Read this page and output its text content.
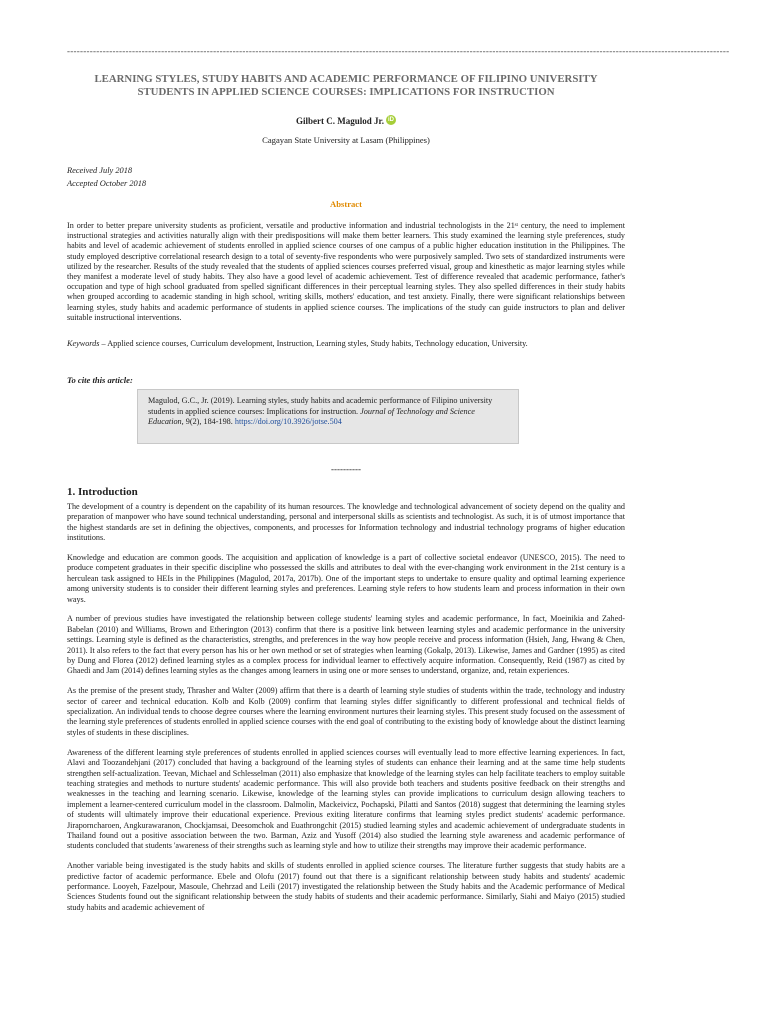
------------------------------------------------------------------------------------------------------------------------------------------------------------------------------------------------------------
LEARNING STYLES, STUDY HABITS AND ACADEMIC PERFORMANCE OF FILIPINO UNIVERSITY STUDENTS IN APPLIED SCIENCE COURSES: IMPLICATIONS FOR INSTRUCTION
Gilbert C. Magulod Jr. iD
Cagayan State University at Lasam (Philippines)
Received July 2018
Accepted October 2018
Abstract
In order to better prepare university students as proficient, versatile and productive information and industrial technologists in the 21ˢᵗ century, the need to implement instructional strategies and activities naturally align with their predispositions will make them better learners. This study examined the learning style preferences, study habits and level of academic achievement of students enrolled in applied science courses of one campus of a public higher education institution in the Philippines. The study employed descriptive correlational research design to a total of seventy-five respondents who were purposively sampled. Two sets of standardized instruments were utilized by the researcher. Results of the study revealed that the students of applied sciences courses preferred visual, group and kinesthetic as major learning styles while they manifest a moderate level of study habits. They also have a good level of academic achievement. Test of difference revealed that academic performance, father's occupation and type of high school graduated from spelled significant differences in their perceptual learning styles. They also spelled differences in their study habits when grouped according to academic standing in high school, writing skills, mothers' education, and test anxiety. Finally, there were significant relationships between learning styles, study habits and academic performance of students in applied science courses. The implications of the study can guide instructors to plan and deliver suitable instructional interventions.
Keywords – Applied science courses, Curriculum development, Instruction, Learning styles, Study habits, Technology education, University.
To cite this article:
Magulod, G.C., Jr. (2019). Learning styles, study habits and academic performance of Filipino university students in applied science courses: Implications for instruction. Journal of Technology and Science Education, 9(2), 184-198. https://doi.org/10.3926/jotse.504
----------
1. Introduction

The development of a country is dependent on the capability of its human resources. The knowledge and technological advancement of society depend on the quality and preparation of manpower who have sound technical understanding, personal and interpersonal skills as scientists and technologist. As such, it is of utmost importance that the highest standards are set in defining the objectives, components, and processes for Information technology and industrial technology programs of higher education institutions.

Knowledge and education are common goods. The acquisition and application of knowledge is a part of collective societal endeavor (UNESCO, 2015). The need to produce competent graduates in their specific discipline who possessed the skills and attributes to deal with the ever-changing work environment in the 21st century is a herculean task assigned to HEIs in the Philippines (Magulod, 2017a, 2017b). One of the important steps to undertake to ensure quality and optimal learning experience among university students is to consider their different learning styles and preferences. Learning style refers to how students learn and process information in their own ways.

A number of previous studies have investigated the relationship between college students' learning styles and academic performance, In fact, Moeinikia and Zahed-Babelan (2010) and Williams, Brown and Etherington (2013) confirm that there is a positive link between learning styles and academic performance in the university settings. Learning style is defined as the characteristics, strengths, and preferences in the way how people receive and process information (Hsieh, Jang, Hwang & Chen, 2011). It also refers to the fact that every person has his or her own method or set of strategies when learning (Gokalp, 2013). Likewise, James and Gardner (1995) as cited by Dung and Florea (2012) defined learning styles as a complex process for individual learner to effectively acquire information. Consequently, Reid (1987) as cited by Ghaedi and Jam (2014) defines learning styles as the changes among learners in using one or more senses to understand, organize, and, retain experiences.

As the premise of the present study, Thrasher and Walter (2009) affirm that there is a dearth of learning style studies of students within the trade, technology and industry sector of career and technical education. Kolb and Kolb (2009) confirm that learning styles differ significantly to different professional and technical fields of specialization. An individual tends to choose degree courses where the learning environment nurtures their learning styles. This present study focused on the assessment of the learning style preferences of students enrolled in applied science courses with the end goal of contributing to the existing body of knowledge about the distinct learning styles of students in these disciplines.

Awareness of the different learning style preferences of students enrolled in applied sciences courses will eventually lead to more effective learning experiences. In fact, Alavi and Toozandehjani (2017) concluded that having a background of the learning styles of students can enhance their learning and at the same time help students strengthen self-actualization. Teevan, Michael and Schlesselman (2011) also emphasize that knowledge of the learning styles can help facilitate teachers to employ suitable teaching strategies and methods to nurture students' academic performance. This will also provide both teachers and students positive feedback on their strengths and weaknesses in the teaching and learning scenario. Likewise, knowledge of the learning styles can provide implications to curriculum design allowing teachers to implement a learner-centered curriculum model in the classroom. Dalmolin, Mackeivicz, Pochapski, Pilatti and Santos (2018) suggest that determining the learning styles of students will ultimately improve their educational experience. Previous exiting literature confirms that learning styles predict students' academic performance. Jiraporncharoen, Angkurawaranon, Chockjamsai, Deesomchok and Euathrongchit (2015) studied learning styles and academic achievement of undergraduate students in Thailand found out a positive association between the two. Barman, Aziz and Yusoff (2014) also studied the learning style awareness and academic performance of students concluded that students 'awareness of their strengths such as learning style and how to utilize their strengths may improve their academic performance.

Another variable being investigated is the study habits and skills of students enrolled in applied science courses. The literature further suggests that study habits are a predictive factor of academic performance. Ebele and Olofu (2017) found out that there is a significant relationship between study habits and students' academic performance. Looyeh, Fazelpour, Masoule, Chehrzad and Leili (2017) investigated the relationship between the Study habits and the Academic performance of Medical Sciences Students found out the significant relationship between the study habits of students and their academic performance. Similarly, Siahi and Maiyo (2015) studied study habits and academic achievement of
